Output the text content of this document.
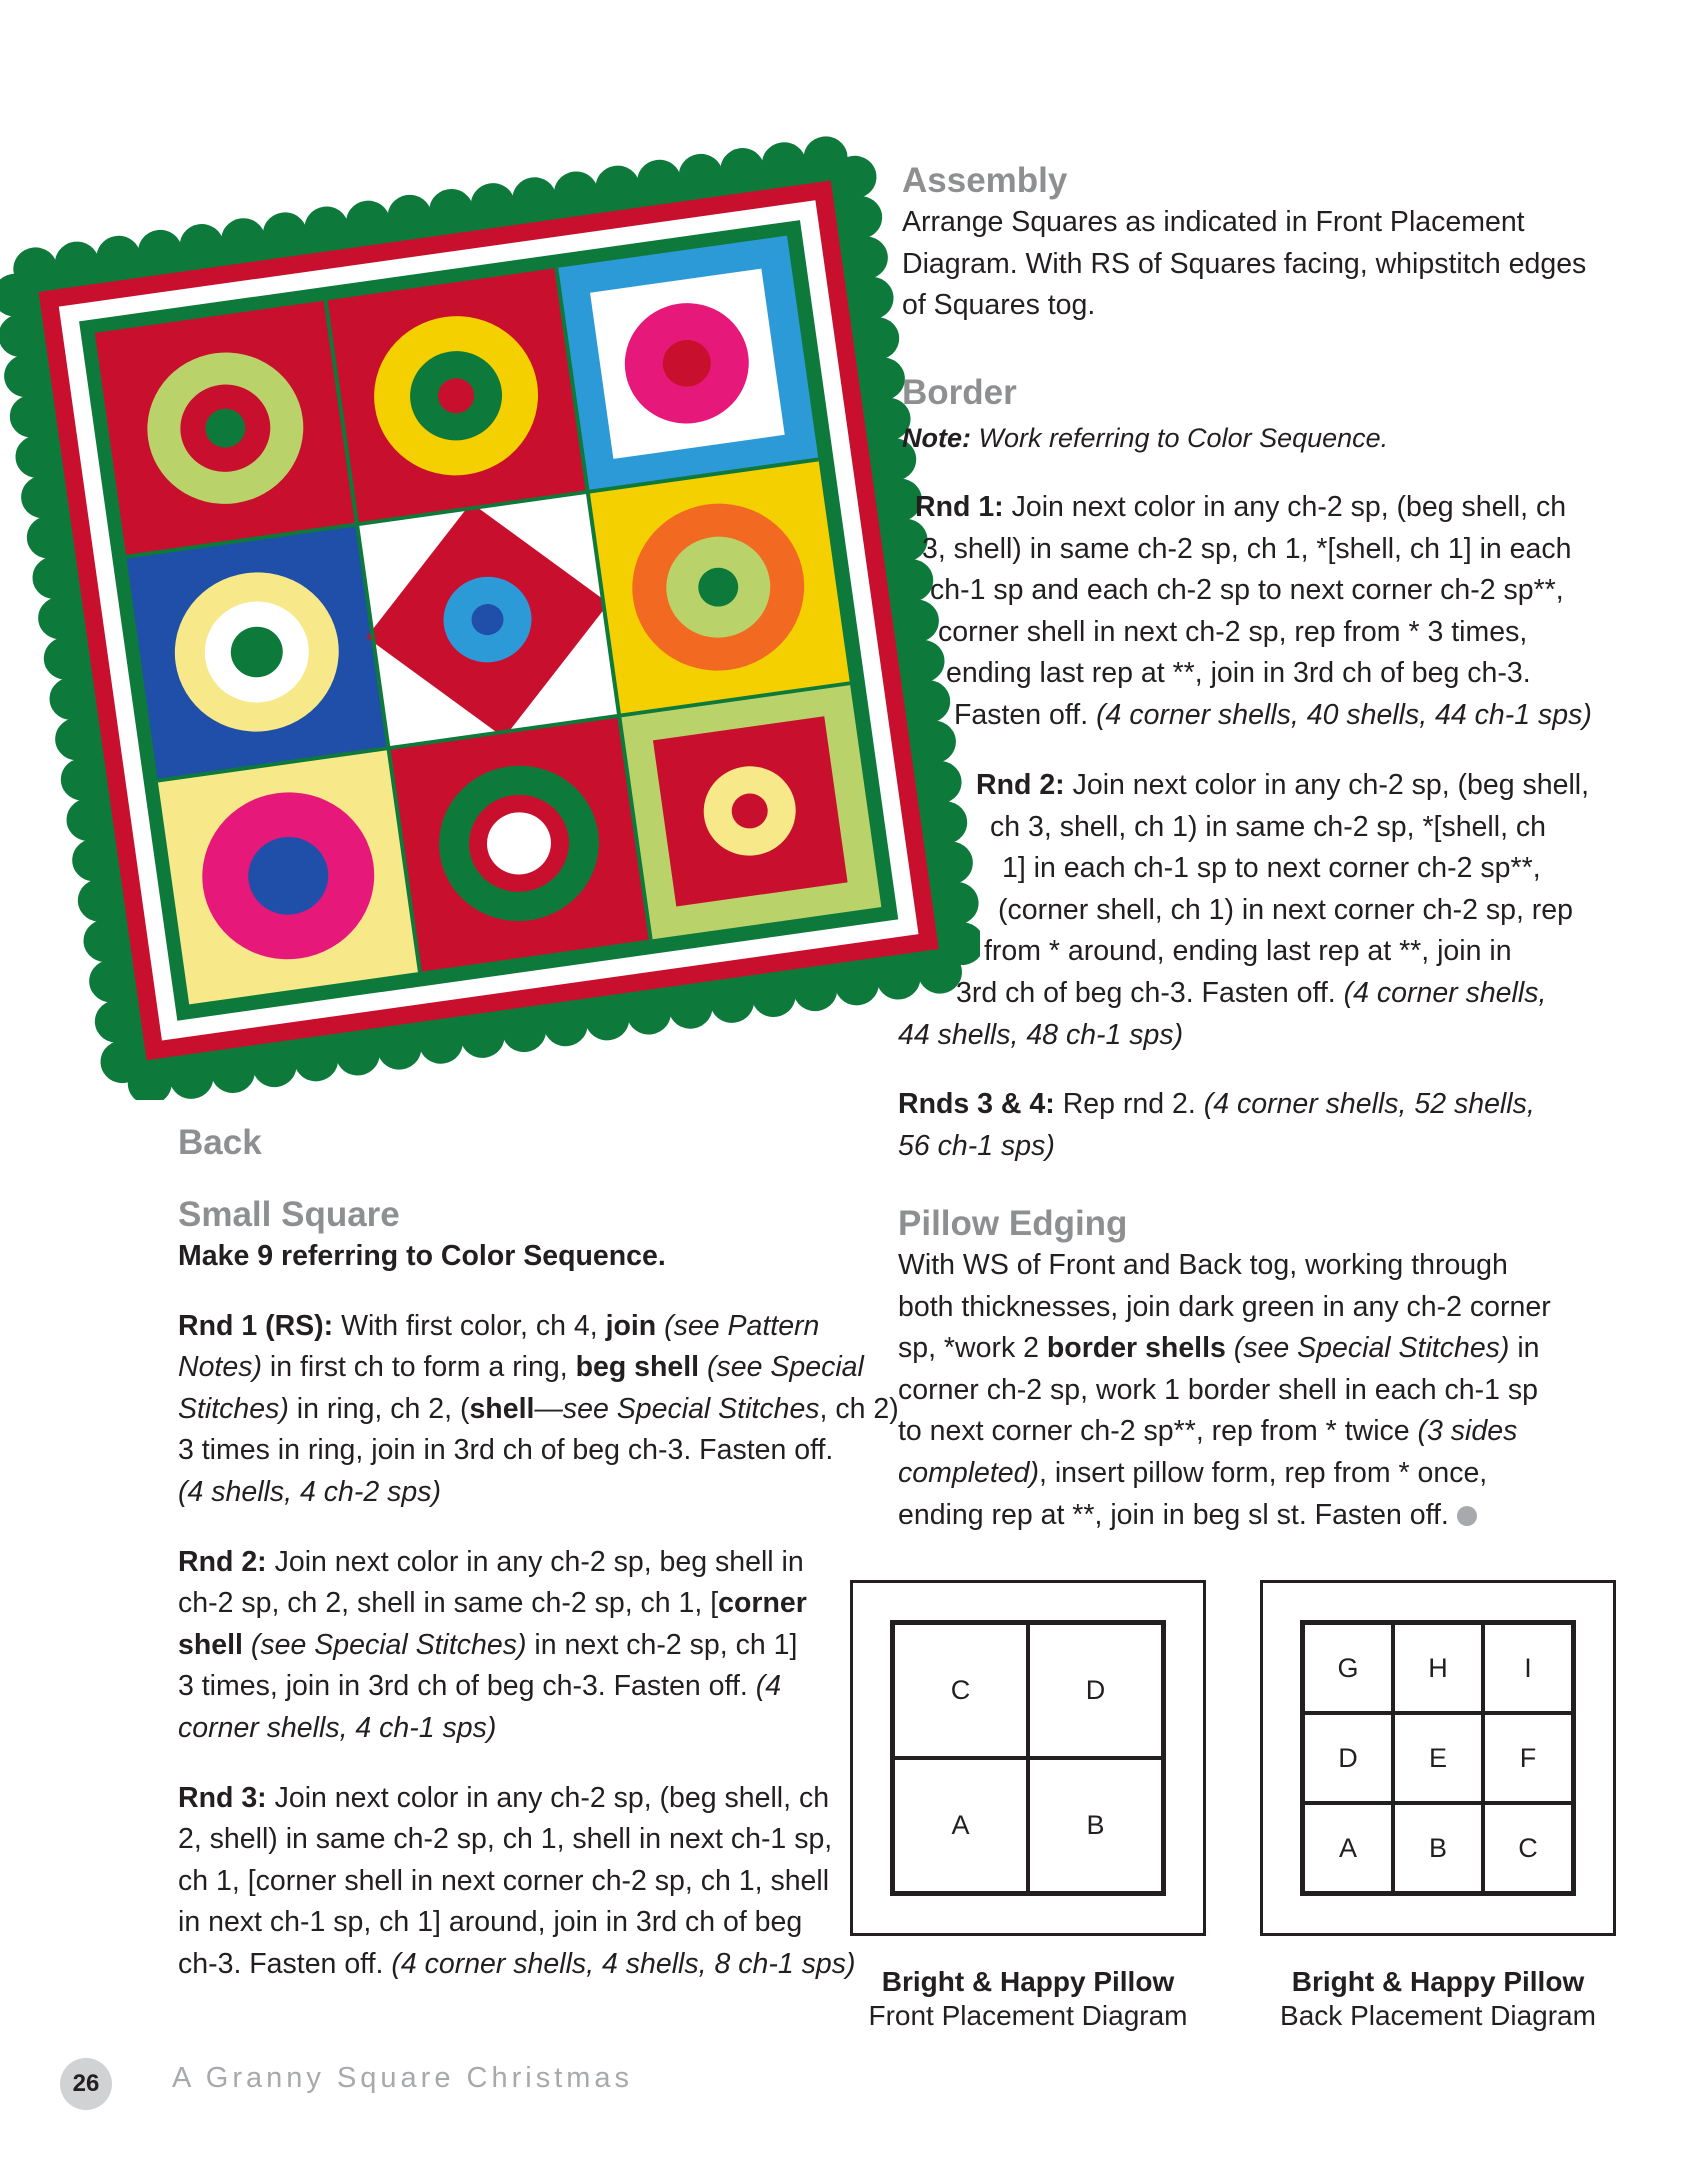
Assembly
Arrange Squares as indicated in Front Placement
Diagram. With RS of Squares facing, whipstitch edges
of Squares tog.
Border
Note: Work referring to Color Sequence.
Rnd 1: Join next color in any ch-2 sp, (beg shell, ch
3, shell) in same ch-2 sp, ch 1, *[shell, ch 1] in each
ch-1 sp and each ch-2 sp to next corner ch-2 sp**,
corner shell in next ch-2 sp, rep from * 3 times,
ending last rep at **, join in 3rd ch of beg ch-3.
Fasten off. (4 corner shells, 40 shells, 44 ch-1 sps)
Rnd 2: Join next color in any ch-2 sp, (beg shell,
ch 3, shell, ch 1) in same ch-2 sp, *[shell, ch
1] in each ch-1 sp to next corner ch-2 sp**,
(corner shell, ch 1) in next corner ch-2 sp, rep
from * around, ending last rep at **, join in
3rd ch of beg ch-3. Fasten off. (4 corner shells,
44 shells, 48 ch-1 sps)
Rnds 3 & 4: Rep rnd 2. (4 corner shells, 52 shells,
56 ch-1 sps)
Pillow Edging
With WS of Front and Back tog, working through
both thicknesses, join dark green in any ch-2 corner
sp, *work 2 border shells (see Special Stitches) in
corner ch-2 sp, work 1 border shell in each ch-1 sp
to next corner ch-2 sp**, rep from * twice (3 sides
completed), insert pillow form, rep from * once,
ending rep at **, join in beg sl st. Fasten off.
Back
Small Square
Make 9 referring to Color Sequence.
Rnd 1 (RS): With first color, ch 4, join (see Pattern
Notes) in first ch to form a ring, beg shell (see Special
Stitches) in ring, ch 2, (shell—see Special Stitches, ch 2)
3 times in ring, join in 3rd ch of beg ch-3. Fasten off.
(4 shells, 4 ch-2 sps)
Rnd 2: Join next color in any ch-2 sp, beg shell in
ch-2 sp, ch 2, shell in same ch-2 sp, ch 1, [corner
shell (see Special Stitches) in next ch-2 sp, ch 1]
3 times, join in 3rd ch of beg ch-3. Fasten off. (4
corner shells, 4 ch-1 sps)
Rnd 3: Join next color in any ch-2 sp, (beg shell, ch
2, shell) in same ch-2 sp, ch 1, shell in next ch-1 sp,
ch 1, [corner shell in next corner ch-2 sp, ch 1, shell
in next ch-1 sp, ch 1] around, join in 3rd ch of beg
ch-3. Fasten off. (4 corner shells, 4 shells, 8 ch-1 sps)
C	D
A	B
Bright & Happy Pillow
Front Placement Diagram
G	H	I
D	E	F
A	B	C
Bright & Happy Pillow
Back Placement Diagram
26	A Granny Square Christmas
